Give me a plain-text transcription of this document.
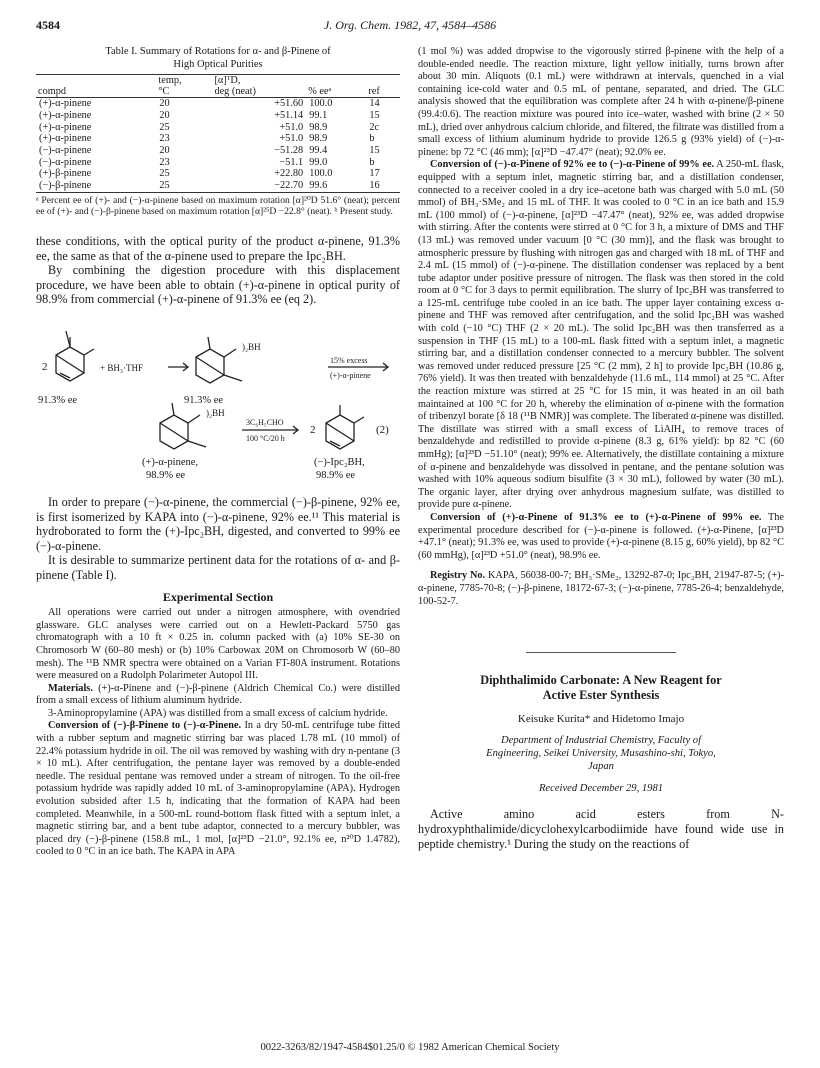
4584	J. Org. Chem. 1982, 47, 4584–4586
Table I. Summary of Rotations for α- and β-Pinene of
High Optical Purities
	temp,	[α]ᵀD,		
compd	°C	deg (neat)	% eeᵃ	ref
(+)-α-pinene	20	+51.60	100.0	14
(+)-α-pinene	20	+51.14	99.1	15
(+)-α-pinene	25	+51.0	98.9	2c
(+)-α-pinene	23	+51.0	98.9	b
(−)-α-pinene	20	−51.28	99.4	15
(−)-α-pinene	23	−51.1	99.0	b
(+)-β-pinene	25	+22.80	100.0	17
(−)-β-pinene	25	−22.70	99.6	16
ᵃ Percent ee of (+)- and (−)-α-pinene based on maximum rotation [α]²⁰D 51.6° (neat); percent ee of (+)- and (−)-β-pinene based on maximum rotation [α]²⁵D −22.8° (neat). ᵇ Present study.

these conditions, with the optical purity of the product α-pinene, 91.3% ee, the same as that of the α-pinene used to prepare the Ipc₂BH.

By combining the digestion procedure with this displacement procedure, we have been able to obtain (+)-α-pinene in optical purity of 98.9% from commercial (+)-α-pinene of 91.3% ee (eq 2).

2	+ BH₃·THF
)₂BH
15% excess
(+)-α-pinene
91.3% ee	91.3% ee
)₂BH
3C₆H₅CHO
100 °C/20 h
2	(2)
(+)-α-pinene,
98.9% ee
(−)-Ipc₂BH,
98.9% ee

In order to prepare (−)-α-pinene, the commercial (−)-β-pinene, 92% ee, is first isomerized by KAPA into (−)-α-pinene, 92% ee.¹¹ This material is hydroborated to form the (+)-Ipc₂BH, digested, and converted to 99% ee (−)-α-pinene.

It is desirable to summarize pertinent data for the rotations of α- and β-pinene (Table I).

Experimental Section

All operations were carried out under a nitrogen atmosphere, with ovendried glassware. GLC analyses were carried out on a Hewlett-Packard 5750 gas chromatograph with a 10 ft × 0.25 in. column packed with (a) 10% SE-30 on Chromosorb W (60–80 mesh) or (b) 10% Carbowax 20M on Chromosorb W (60–80 mesh). The ¹¹B NMR spectra were obtained on a Varian FT-80A instrument. Rotations were measured on a Rudolph Polarimeter Autopol III.

Materials. (+)-α-Pinene and (−)-β-pinene (Aldrich Chemical Co.) were distilled from a small excess of lithium aluminum hydride.

3-Aminopropylamine (APA) was distilled from a small excess of calcium hydride.

Conversion of (−)-β-Pinene to (−)-α-Pinene. In a dry 50-mL centrifuge tube fitted with a rubber septum and magnetic stirring bar was placed 1.78 mL (10 mmol) of 22.4% potassium hydride in oil. The oil was removed by washing with dry n-pentane (3 × 10 mL). After centrifugation, the pentane layer was removed by a double-ended needle. The residual pentane was removed under a stream of nitrogen. To the oil-free potassium hydride was rapidly added 10 mL of 3-aminopropylamine (APA). Hydrogen evolution subsided after 1.5 h, indicating that the formation of KAPA had been completed. Meanwhile, in a 500-mL round-bottom flask fitted with a septum inlet, a magnetic stirring bar, and a bent tube adaptor, connected to a mercury bubbler, was placed dry (−)-β-pinene (158.8 mL, 1 mol, [α]²³D −21.0°, 92.1% ee, n²⁰D 1.4782), cooled to 0 °C in an ice bath. The KAPA in APA

(1 mol %) was added dropwise to the vigorously stirred β-pinene with the help of a double-ended needle. The reaction mixture, light yellow initially, turns brown after about 30 min. Aliquots (0.1 mL) were withdrawn at intervals, quenched in a vial containing ice-cold water and 0.5 mL of pentane, separated, and dried. The GLC analysis showed that the equilibration was complete after 24 h with α-pinene/β-pinene (99.4:0.6). The reaction mixture was poured into ice–water, washed with brine (2 × 50 mL), dried over anhydrous calcium chloride, and filtered, the filtrate was distilled from a small excess of lithium aluminum hydride to provide 126.5 g (93% yield) of (−)-α-pinene: bp 72 °C (46 mm); [α]²³D −47.47° (neat); 92.0% ee.

Conversion of (−)-α-Pinene of 92% ee to (−)-α-Pinene of 99% ee. A 250-mL flask, equipped with a septum inlet, magnetic stirring bar, and a distillation condenser, connected to a receiver cooled in a dry ice–acetone bath was charged with 5.0 mL (50 mmol) of BH₃·SMe₂ and 15 mL of THF. It was cooled to 0 °C in an ice bath and 15.9 mL (100 mmol) of (−)-α-pinene, [α]²³D −47.47° (neat), 92% ee, was added dropwise with stirring. After the contents were stirred at 0 °C for 3 h, a mixture of DMS and THF (13 mL) was removed under vacuum [0 °C (30 mm)], and the flask was brought to atmospheric pressure by flushing with nitrogen gas and charged with 18 mL of THF and 2.4 mL (15 mmol) of (−)-α-pinene. The distillation condenser was replaced by a bent tube adaptor under positive pressure of nitrogen. The flask was then stored in the cold room at 0 °C for 3 days to permit equilibration. The slurry of Ipc₂BH was transferred to a 125-mL centrifuge tube cooled in an ice bath. The upper layer containing excess α-pinene and THF was removed after centrifugation, and the solid Ipc₂BH was washed with cold (−10 °C) THF (2 × 20 mL). The solid Ipc₂BH was then transferred as a suspension in THF (15 mL) to a 100-mL flask fitted with a septum inlet, a magnetic stirring bar, and a distillation condenser connected to a mercury bubbler. The solvent was removed under reduced pressure [25 °C (2 mm), 2 h] to provide Ipc₂BH (10.86 g, 76% yield). It was then treated with benzaldehyde (11.6 mL, 114 mmol) at 25 °C. After the reaction mixture was stirred at 25 °C for 15 min, it was heated in an oil bath maintained at 100 °C for 20 h, whereby the elimination of α-pinene with the formation of tribenzyl borate [δ 18 (¹¹B NMR)] was complete. The liberated α-pinene was distilled. The distillate was stirred with a small excess of LiAlH₄ to remove traces of benzaldehyde and redistilled to provide α-pinene (8.3 g, 61% yield): bp 82 °C (60 mmHg); [α]²³D −51.10° (neat); 99% ee. Alternatively, the distillate containing a mixture of α-pinene and benzaldehyde was dissolved in pentane, and the pentane solution was washed with 10% aqueous sodium bisulfite (3 × 30 mL), followed by water (30 mL). The organic layer, after drying over anhydrous magnesium sulfate, was distilled to provide pure α-pinene.

Conversion of (+)-α-Pinene of 91.3% ee to (+)-α-Pinene of 99% ee. The experimental procedure described for (−)-α-pinene is followed. (+)-α-Pinene, [α]²³D +47.1° (neat); 91.3% ee, was used to provide (+)-α-pinene (8.15 g, 60% yield), bp 82 °C (60 mmHg), [α]²³D +51.0° (neat), 98.9% ee.

Registry No. KAPA, 56038-00-7; BH₃·SMe₂, 13292-87-0; Ipc₂BH, 21947-87-5; (+)-α-pinene, 7785-70-8; (−)-β-pinene, 18172-67-3; (−)-α-pinene, 7785-26-4; benzaldehyde, 100-52-7.

Diphthalimido Carbonate: A New Reagent for
Active Ester Synthesis
Keisuke Kurita* and Hidetomo Imajo
Department of Industrial Chemistry, Faculty of
Engineering, Seikei University, Musashino-shi, Tokyo,
Japan
Received December 29, 1981

Active amino acid esters from N-hydroxyphthalimide/dicyclohexylcarbodiimide have found wide use in peptide chemistry.¹ During the study on the reactions of

0022-3263/82/1947-4584$01.25/0 © 1982 American Chemical Society
